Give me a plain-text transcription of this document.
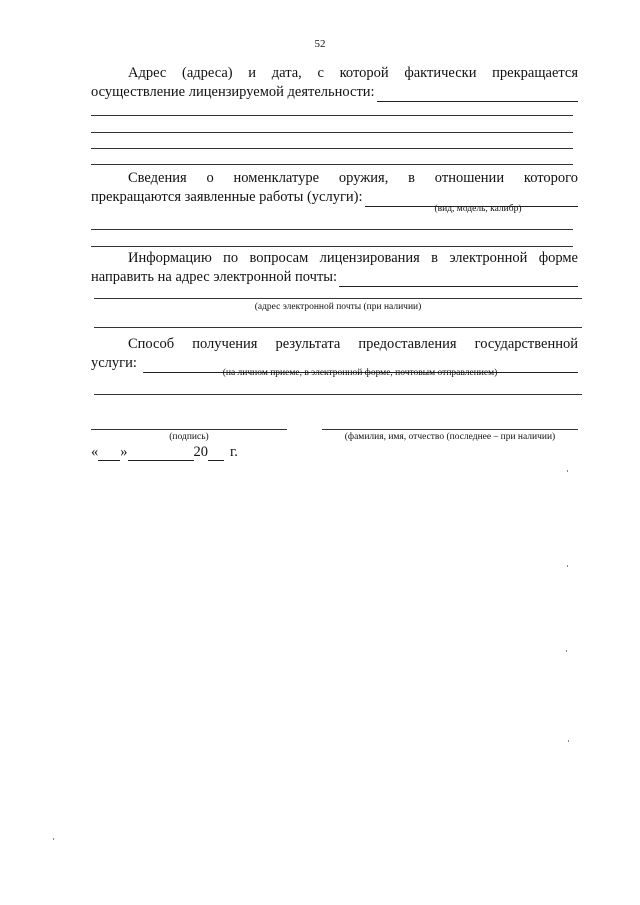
52
Адрес (адреса) и дата, с которой фактически прекращается
осуществление лицензируемой деятельности:
Сведения о номенклатуре оружия, в отношении которого
прекращаются заявленные работы (услуги):
(вид, модель, калибр)
Информацию по вопросам лицензирования в электронной форме
направить на адрес электронной почты:
(адрес электронной почты (при наличии)
Способ получения результата предоставления государственной
услуги:
(на личном приеме, в электронной форме, почтовым отправлением)
(подпись)	(фамилия, имя, отчество (последнее – при наличии)
« »	20 г.
